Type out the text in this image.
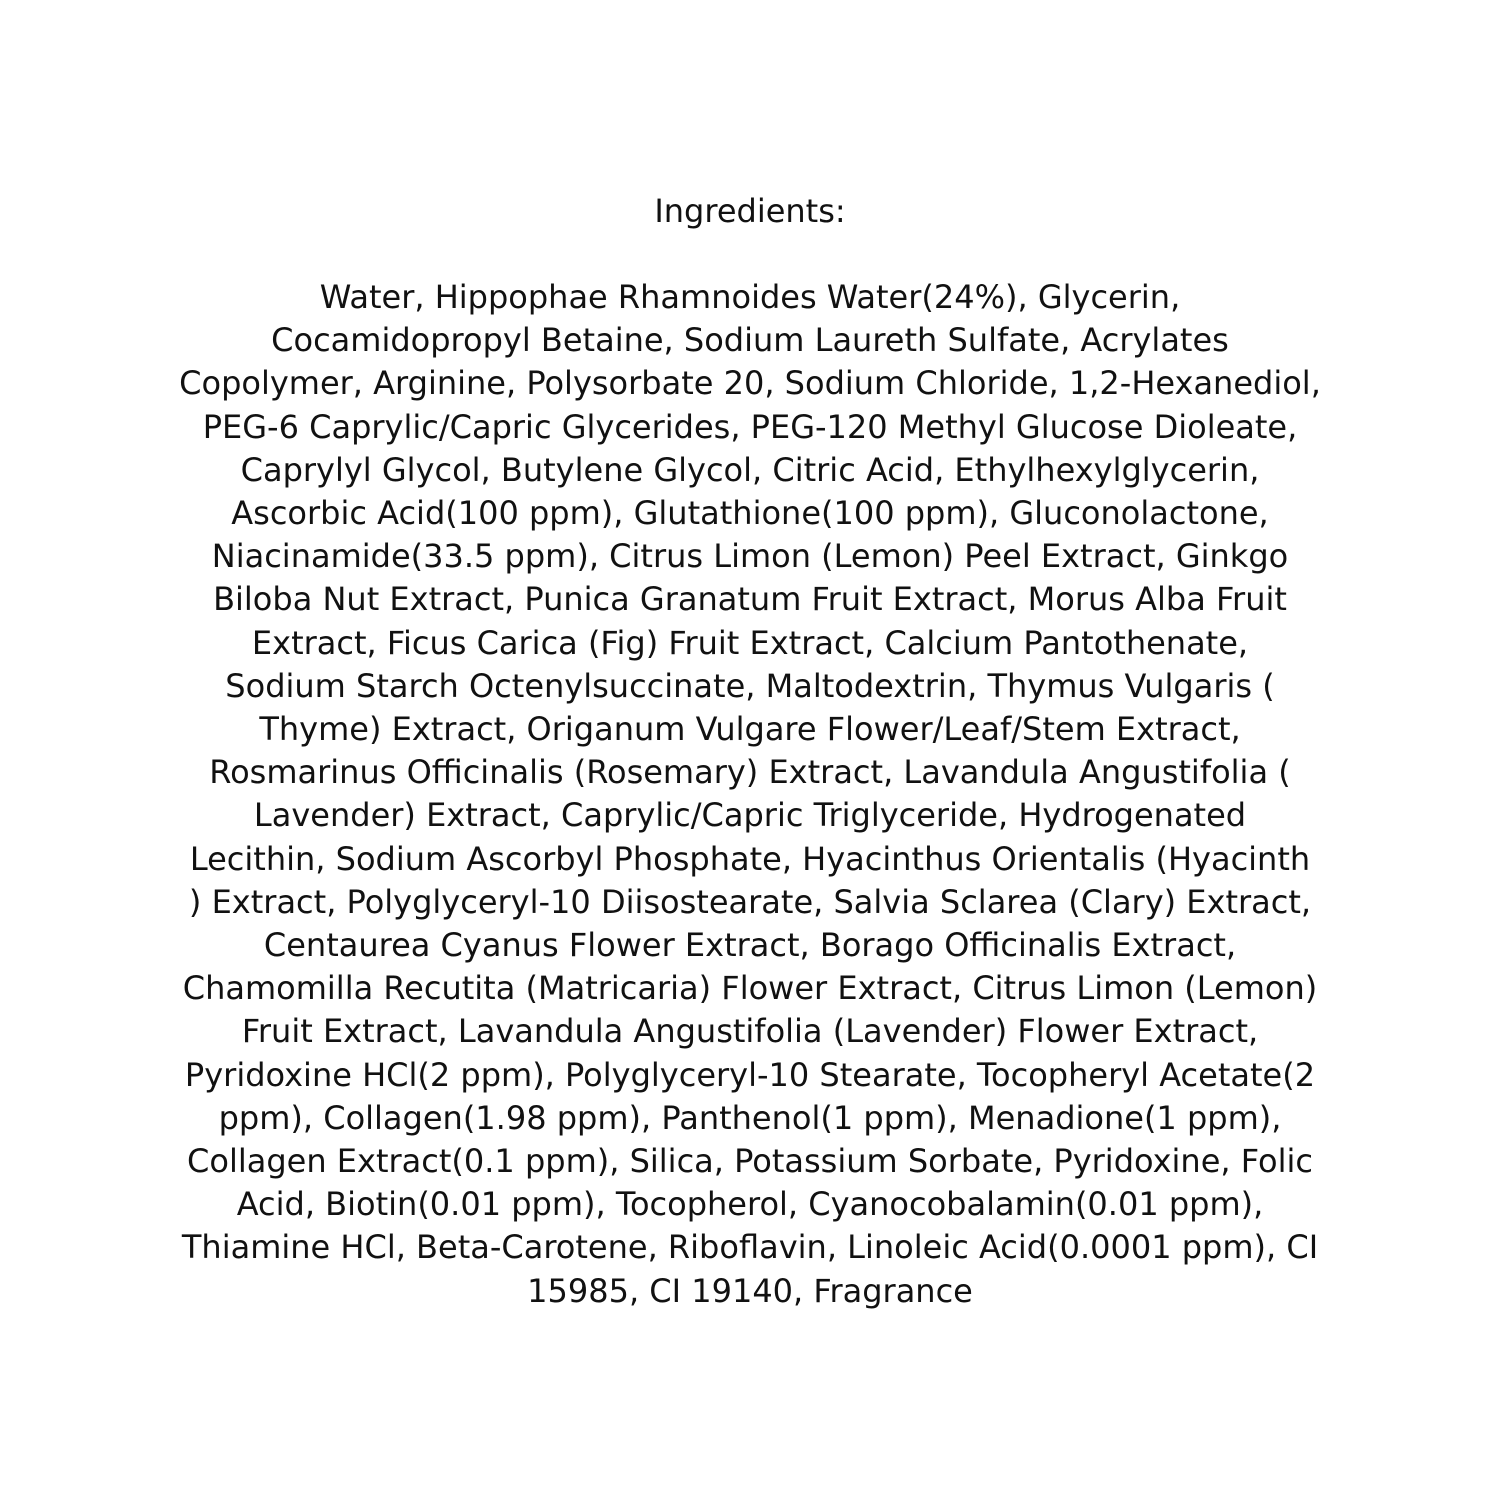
Ingredients:
Water, Hippophae Rhamnoides Water(24%), Glycerin,
Cocamidopropyl Betaine, Sodium Laureth Sulfate, Acrylates
Copolymer, Arginine, Polysorbate 20, Sodium Chloride, 1,2-Hexanediol,
PEG-6 Caprylic/Capric Glycerides, PEG-120 Methyl Glucose Dioleate,
Caprylyl Glycol, Butylene Glycol, Citric Acid, Ethylhexylglycerin,
Ascorbic Acid(100 ppm), Glutathione(100 ppm), Gluconolactone,
Niacinamide(33.5 ppm), Citrus Limon (Lemon) Peel Extract, Ginkgo
Biloba Nut Extract, Punica Granatum Fruit Extract, Morus Alba Fruit
Extract, Ficus Carica (Fig) Fruit Extract, Calcium Pantothenate,
Sodium Starch Octenylsuccinate, Maltodextrin, Thymus Vulgaris (
Thyme) Extract, Origanum Vulgare Flower/Leaf/Stem Extract,
Rosmarinus Officinalis (Rosemary) Extract, Lavandula Angustifolia (
Lavender) Extract, Caprylic/Capric Triglyceride, Hydrogenated
Lecithin, Sodium Ascorbyl Phosphate, Hyacinthus Orientalis (Hyacinth
) Extract, Polyglyceryl-10 Diisostearate, Salvia Sclarea (Clary) Extract,
Centaurea Cyanus Flower Extract, Borago Officinalis Extract,
Chamomilla Recutita (Matricaria) Flower Extract, Citrus Limon (Lemon)
Fruit Extract, Lavandula Angustifolia (Lavender) Flower Extract,
Pyridoxine HCl(2 ppm), Polyglyceryl-10 Stearate, Tocopheryl Acetate(2
ppm), Collagen(1.98 ppm), Panthenol(1 ppm), Menadione(1 ppm),
Collagen Extract(0.1 ppm), Silica, Potassium Sorbate, Pyridoxine, Folic
Acid, Biotin(0.01 ppm), Tocopherol, Cyanocobalamin(0.01 ppm),
Thiamine HCl, Beta-Carotene, Riboflavin, Linoleic Acid(0.0001 ppm), CI
15985, CI 19140, Fragrance
